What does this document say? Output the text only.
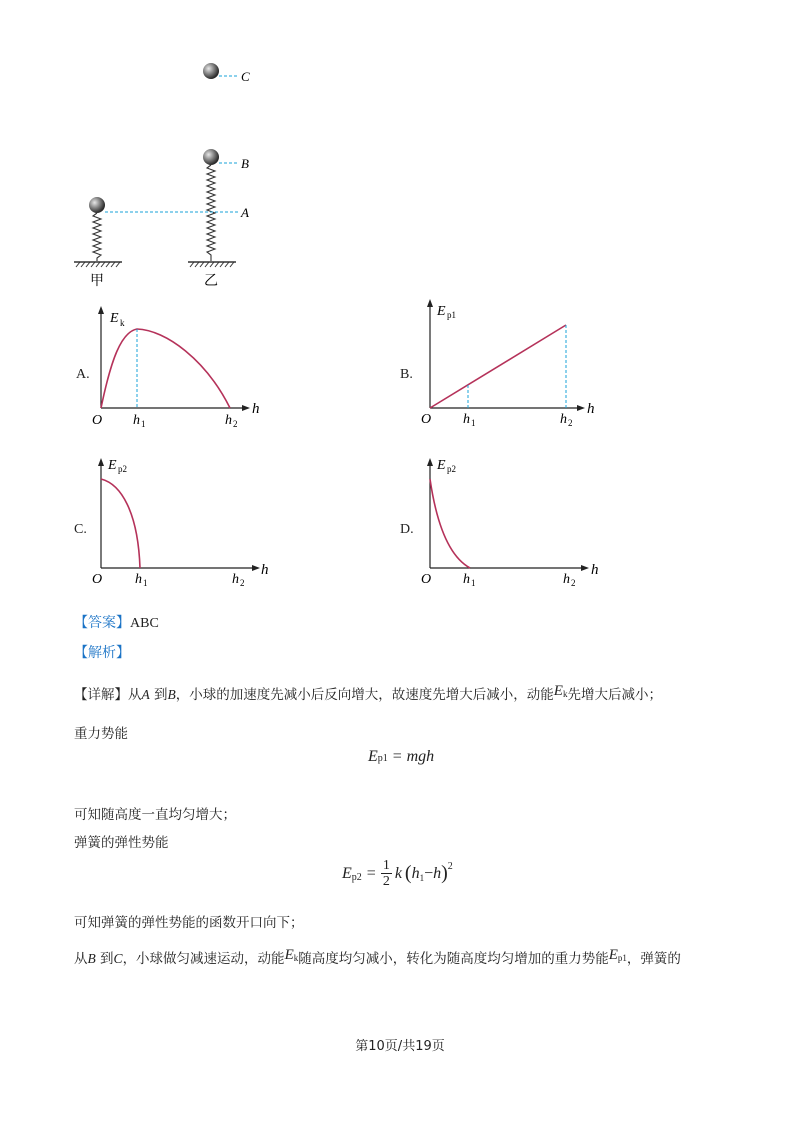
C
B
A
甲	乙
A.
E k
O h 1	h 2
h
B.
E p1
O h 1	h 2
h
C.
E p2
O h 1	h 2
h
D.
E p2
O h 1	h 2
h
【答案】ABC
【解析】
【详解】从A 到B，小球的加速度先减小后反向增大，故速度先增大后减小，动能Ek先增大后减小；
重力势能
Ep1 = mgh
可知随高度一直均匀增大；
弹簧的弹性势能
E p2 = 1
2 k ( h 1 − h ) 2
可知弹簧的弹性势能的函数开口向下；
从B 到C，小球做匀减速运动，动能Ek随高度均匀减小，转化为随高度均匀增加的重力势能Ep1，弹簧的
第10页/共19页
